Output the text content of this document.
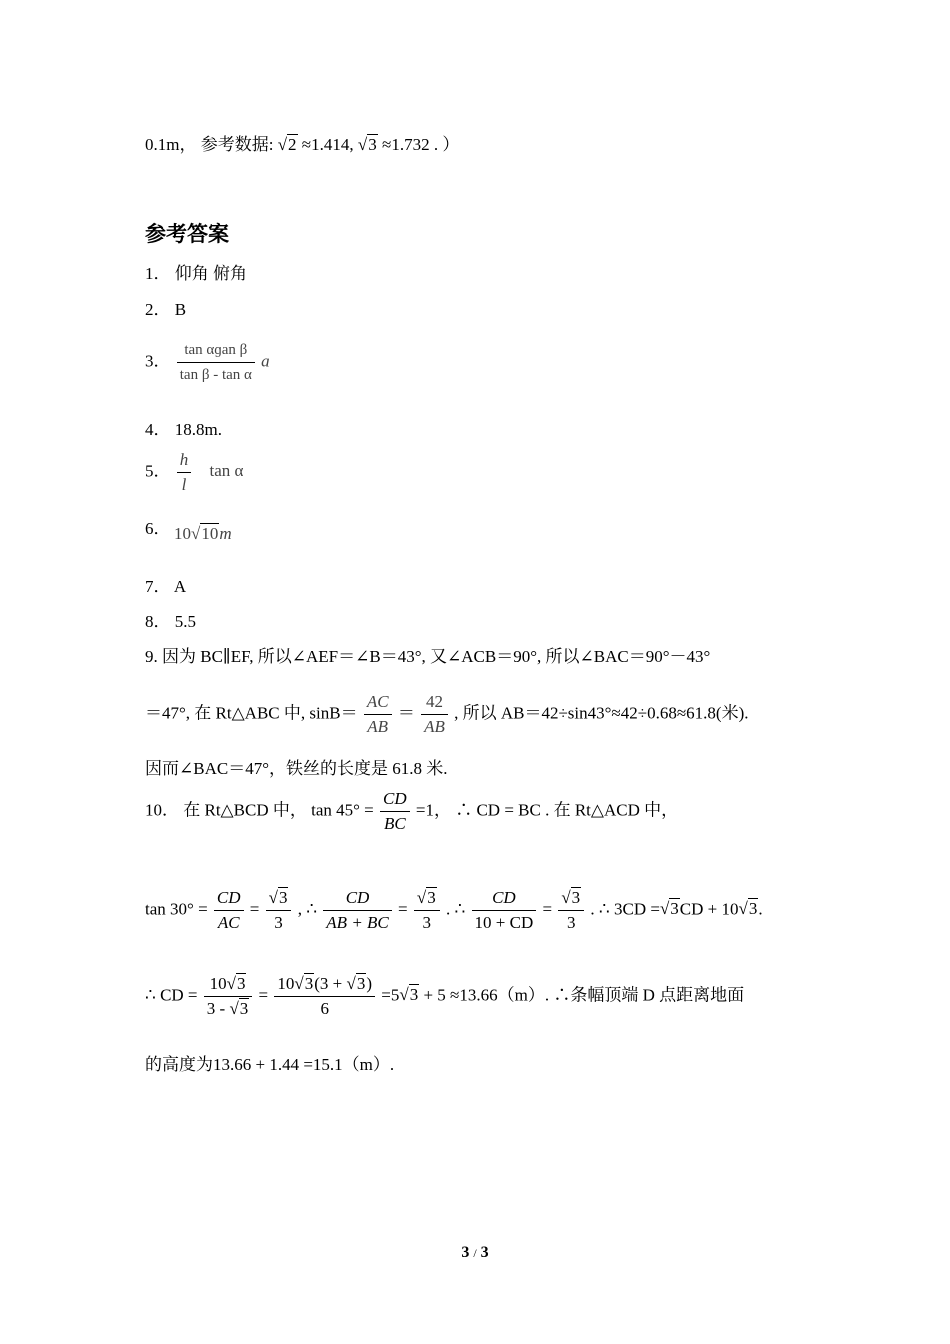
0.1m， 参考数据: √2 ≈1.414, √3 ≈1.732 . ）
参考答案
1． 仰角 俯角
2． B
3． $\frac{\text{tan αɡan β}}{\text{tan β - tan α}}$ a
4． 18.8m.
5． $\frac{h}{l}$ tan α
6． 10√10m
7． A
8． 5.5
9. 因为 BC∥EF, 所以∠AEF＝∠B＝43°, 又∠ACB＝90°, 所以∠BAC＝90°－43°
＝47°, 在 Rt△ABC 中, $\sin B= \frac{AC}{AB} = \frac{42}{AB}$ , 所以 AB＝42÷sin43°≈42÷0.68≈61.8(米).
因而∠BAC＝47°，铁丝的长度是 61.8 米.
10． 在 Rt△BCD 中， $\tan 45^\circ = \frac{CD}{BC} =1$， ∴ CD = BC . 在 Rt△ACD 中，
$\tan 30^\circ = \frac{CD}{AC} = \frac{√3}{3}$ , ∴ $\frac{CD}{AB + BC} = \frac{√3}{3}$ . ∴ $\frac{CD}{10 + CD} = \frac{√3}{3}$ . ∴ 3CD =√3CD + 10√3.
∴ CD = $\frac{10√3}{3 - √3} = \frac{10√3(3 + √3)}{6} =5√3 + 5 \approx 13.66(m)$. ∴条幅顶端 D 点距离地面
的高度为13.66 + 1.44 =15.1（m）.
3 / 3
